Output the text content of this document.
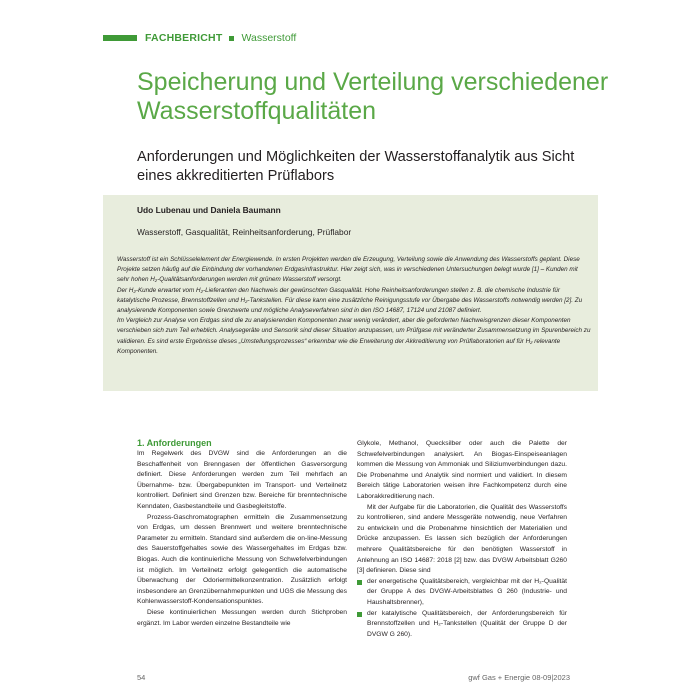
FACHBERICHT Wasserstoff
Speicherung und Verteilung verschiedener Wasserstoffqualitäten
Anforderungen und Möglichkeiten der Wasserstoffanalytik aus Sicht eines akkreditierten Prüflabors
Udo Lubenau und Daniela Baumann
Wasserstoff, Gasqualität, Reinheitsanforderung, Prüflabor

Wasserstoff ist ein Schlüsselelement der Energiewende. In ersten Projekten werden die Erzeugung, Verteilung sowie die Anwendung des Wasserstoffs geplant. Diese Projekte setzen häufig auf die Einbindung der vorhandenen Erdgasinfrastruktur. Hier zeigt sich, was in verschiedenen Untersuchungen belegt wurde [1] – Kunden mit sehr hohen H₂-Qualitätsanforderungen werden mit grünem Wasserstoff versorgt.

Der H₂-Kunde erwartet vom H₂-Lieferanten den Nachweis der gewünschten Gasqualität. Hohe Reinheitsanforderungen stellen z. B. die chemische Industrie für katalytische Prozesse, Brennstoffzellen und H₂-Tankstellen. Für diese kann eine zusätzliche Reinigungsstufe vor Übergabe des Wasserstoffs notwendig werden [2]. Zu analysierende Komponenten sowie Grenzwerte und mögliche Analyseverfahren sind in den ISO 14687, 17124 und 21087 definiert.

Im Vergleich zur Analyse von Erdgas sind die zu analysierenden Komponenten zwar wenig verändert, aber die geforderten Nachweisgrenzen dieser Komponenten verschieben sich zum Teil erheblich. Analysegeräte und Sensorik sind dieser Situation anzupassen, um Prüfgase mit veränderter Zusammensetzung im Spurenbereich zu validieren. Es sind erste Ergebnisse dieses „Umstellungsprozesses“ erkennbar wie die Erweiterung der Akkreditierung von Prüflaboratorien auf für H₂ relevante Komponenten.

1. Anforderungen

Im Regelwerk des DVGW sind die Anforderungen an die Beschaffenheit von Brenngasen der öffentlichen Gasversorgung definiert. Diese Anforderungen werden zum Teil mehrfach an Übernahme- bzw. Übergabepunkten im Transport- und Verteilnetz kontrolliert. Definiert sind Grenzen bzw. Bereiche für brenntechnische Kenndaten, Gasbestandteile und Gasbegleitstoffe.

Prozess-Gaschromatographen ermitteln die Zusammensetzung von Erdgas, um dessen Brennwert und weitere brenntechnische Parameter zu ermitteln. Standard sind außerdem die on-line-Messung des Sauerstoffgehaltes sowie des Wassergehaltes im Erdgas bzw. Biogas. Auch die kontinuierliche Messung von Schwefelverbindungen ist möglich. Im Verteilnetz erfolgt gelegentlich die automatische Überwachung der Odoriermittelkonzentration. Zusätzlich erfolgt insbesondere an Grenzübernahmepunkten und UGS die Messung des Kohlenwasserstoff-Kondensationspunktes.

Diese kontinuierlichen Messungen werden durch Stichproben ergänzt. Im Labor werden einzelne Bestandteile wie

Glykole, Methanol, Quecksilber oder auch die Palette der Schwefelverbindungen analysiert. An Biogas-Einspeiseanlagen kommen die Messung von Ammoniak und Siliziumverbindungen dazu. Die Probenahme und Analytik sind normiert und validiert. In diesem Bereich tätige Laboratorien weisen ihre Fachkompetenz durch eine Laborakkreditierung nach.

Mit der Aufgabe für die Laboratorien, die Qualität des Wasserstoffs zu kontrollieren, sind andere Messgeräte notwendig, neue Verfahren zu entwickeln und die Probenahme hinsichtlich der Materialien und Drücke anzupassen. Es lassen sich bezüglich der Anforderungen mehrere Qualitätsbereiche für den benötigten Wasserstoff in Anlehnung an ISO 14687: 2018 [2] bzw. das DVGW Arbeitsblatt G260 [3] definieren. Diese sind

der energetische Qualitätsbereich, vergleichbar mit der H₂-Qualität der Gruppe A des DVGW-Arbeitsblattes G 260 (Industrie- und Haushaltsbrenner),
der katalytische Qualitätsbereich, der Anforderungsbereich für Brennstoffzellen und H₂-Tankstellen (Qualität der Gruppe D der DVGW G 260).
54	gwf Gas + Energie 08-09|2023
